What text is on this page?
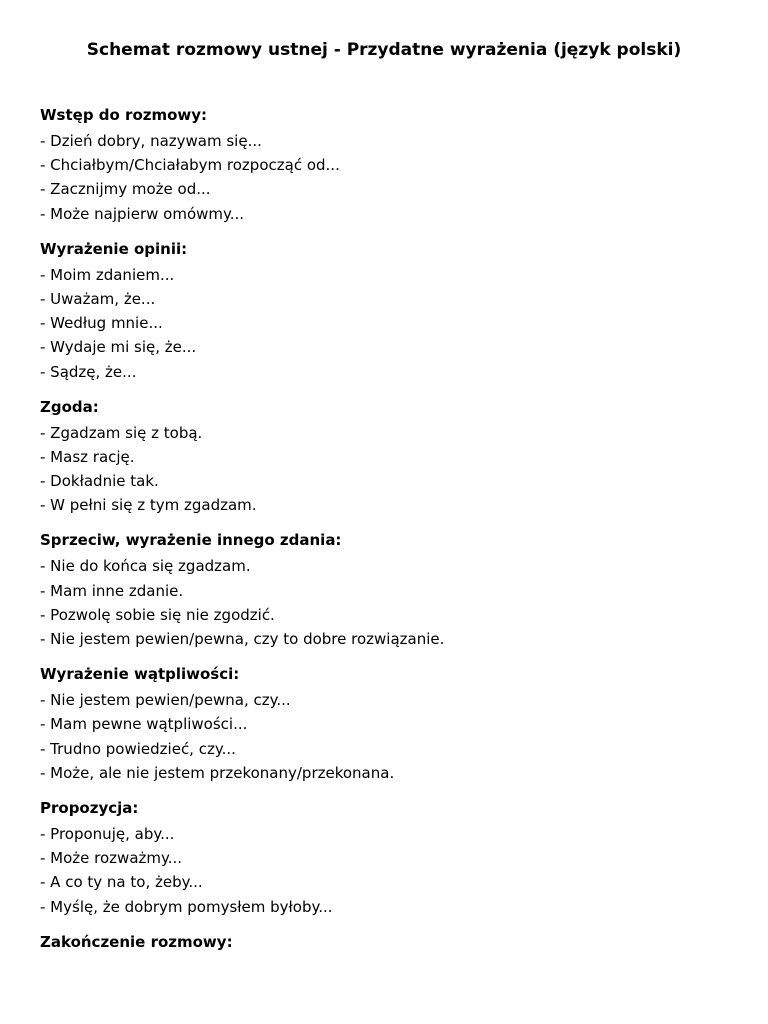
Schemat rozmowy ustnej - Przydatne wyrażenia (język polski)
Wstęp do rozmowy:
- Dzień dobry, nazywam się...
- Chciałbym/Chciałabym rozpocząć od...
- Zacznijmy może od...
- Może najpierw omówmy...
Wyrażenie opinii:
- Moim zdaniem...
- Uważam, że...
- Według mnie...
- Wydaje mi się, że...
- Sądzę, że...
Zgoda:
- Zgadzam się z tobą.
- Masz rację.
- Dokładnie tak.
- W pełni się z tym zgadzam.
Sprzeciw, wyrażenie innego zdania:
- Nie do końca się zgadzam.
- Mam inne zdanie.
- Pozwolę sobie się nie zgodzić.
- Nie jestem pewien/pewna, czy to dobre rozwiązanie.
Wyrażenie wątpliwości:
- Nie jestem pewien/pewna, czy...
- Mam pewne wątpliwości...
- Trudno powiedzieć, czy...
- Może, ale nie jestem przekonany/przekonana.
Propozycja:
- Proponuję, aby...
- Może rozważmy...
- A co ty na to, żeby...
- Myślę, że dobrym pomysłem byłoby...
Zakończenie rozmowy:
